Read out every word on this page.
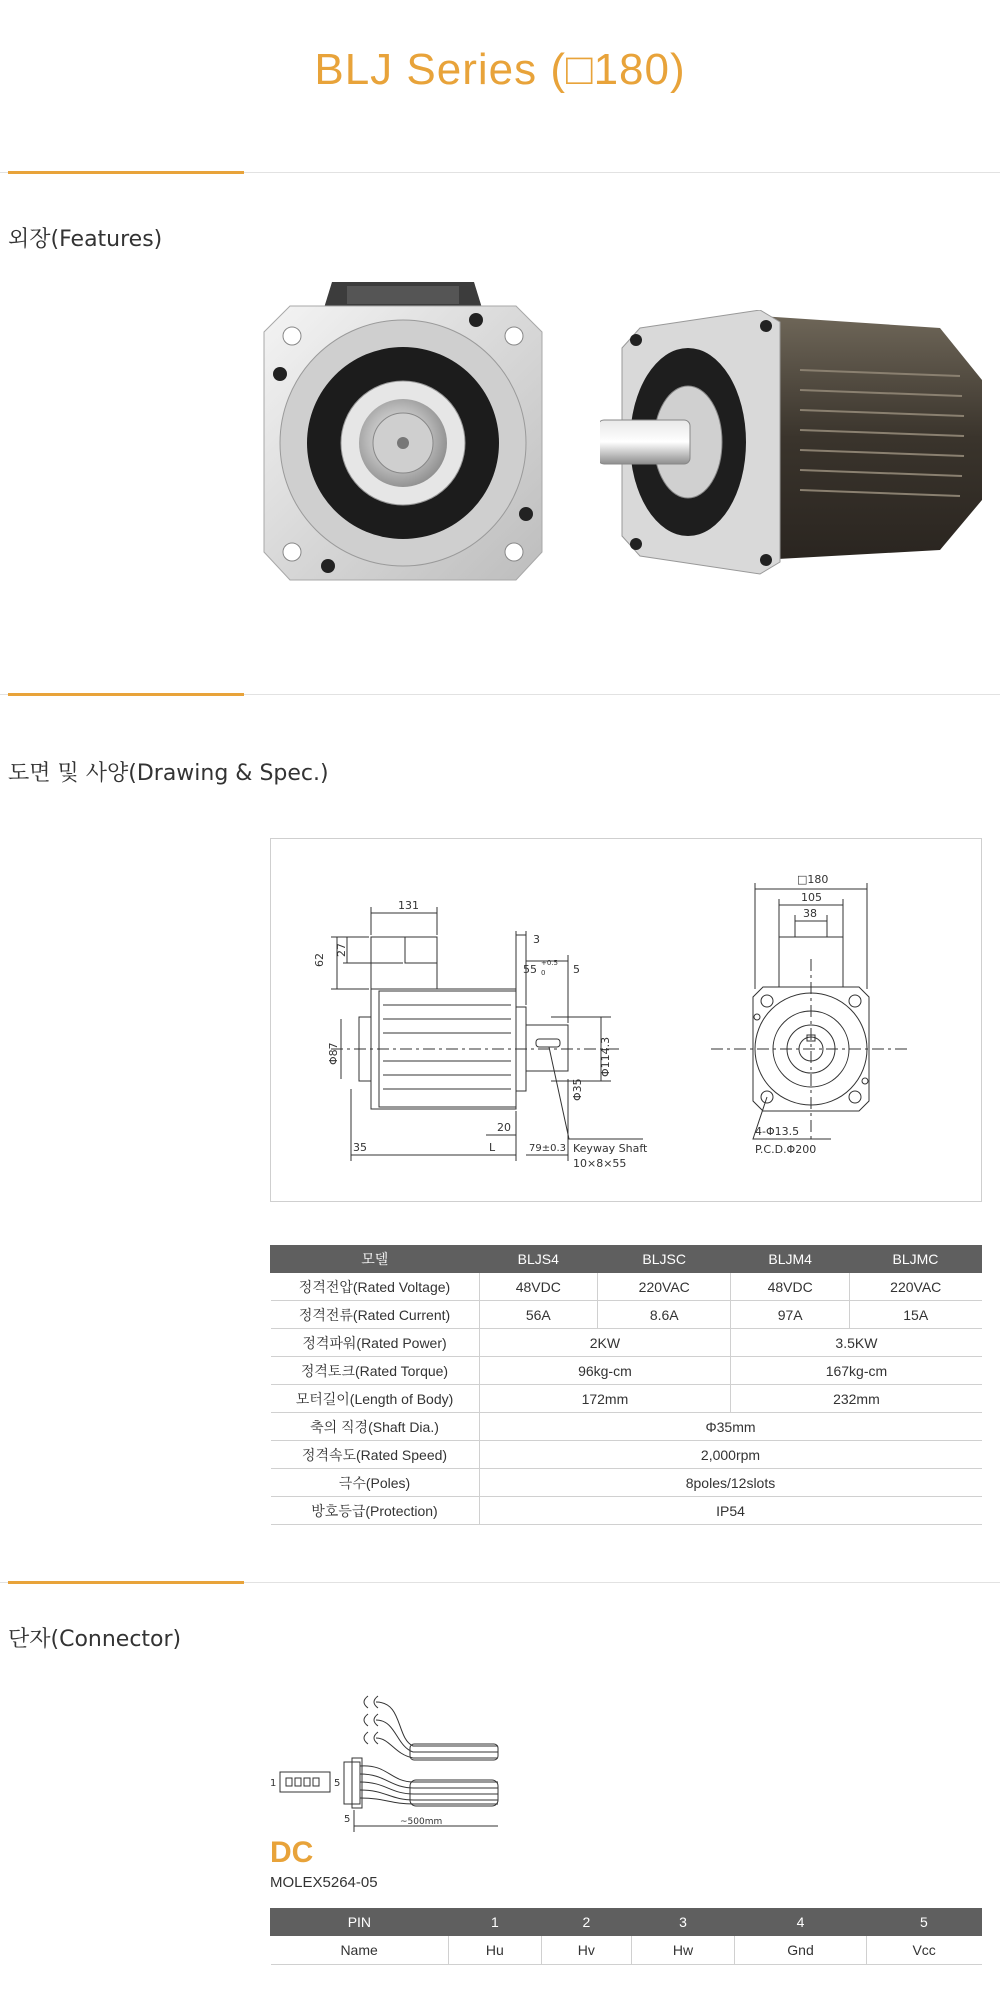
BLJ Series (□180)
외장(Features)
도면 및 사양(Drawing & Spec.)
131
62
27
3
55 +0.5
0	5
Φ87	Φ114.3
Φ35
20
35	L	79±0.3 Keyway Shaft
10×8×55
□180
105
38
4-Φ13.5
P.C.D.Φ200
모델	BLJS4	BLJSC	BLJM4	BLJMC
정격전압(Rated Voltage)	48VDC	220VAC	48VDC	220VAC
정격전류(Rated Current)	56A	8.6A	97A	15A
정격파워(Rated Power)	2KW		3.5KW	
정격토크(Rated Torque)	96kg-cm		167kg-cm	
모터길이(Length of Body)	172mm		232mm	
축의 직경(Shaft Dia.)	Φ35mm			
정격속도(Rated Speed)	2,000rpm			
극수(Poles)	8poles/12slots			
방호등급(Protection)	IP54			
단자(Connector)
1	5
5	~500mm
DC
MOLEX5264-05
PIN	1	2	3	4	5
Name	Hu	Hv	Hw	Gnd	Vcc
